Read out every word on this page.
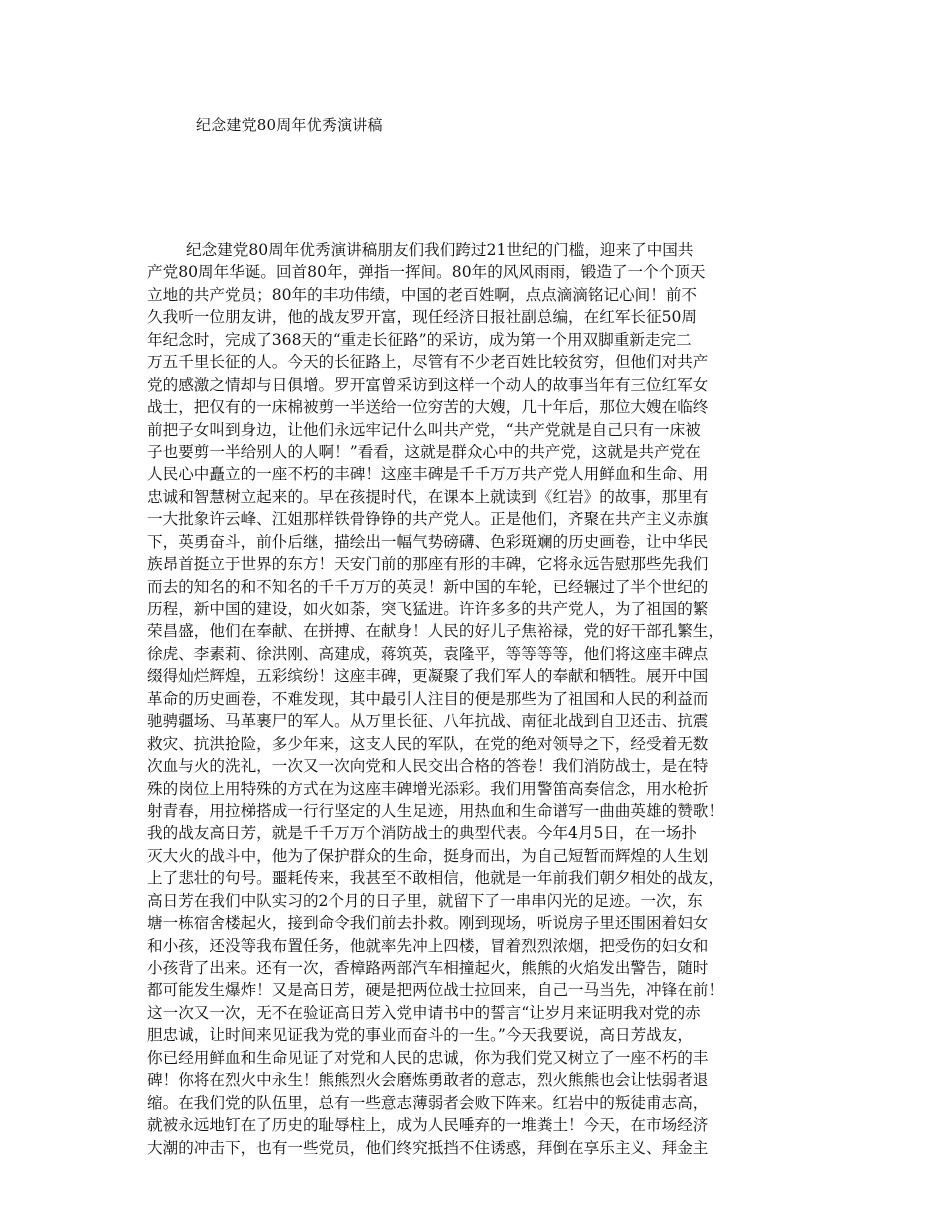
纪念建党80周年优秀演讲稿
纪念建党80周年优秀演讲稿朋友们我们跨过21世纪的门槛，迎来了中国共
产党80周年华诞。回首80年，弹指一挥间。80年的风风雨雨，锻造了一个个顶天
立地的共产党员；80年的丰功伟绩，中国的老百姓啊，点点滴滴铭记心间！前不
久我听一位朋友讲，他的战友罗开富，现任经济日报社副总编，在红军长征50周
年纪念时，完成了368天的“重走长征路”的采访，成为第一个用双脚重新走完二
万五千里长征的人。今天的长征路上，尽管有不少老百姓比较贫穷，但他们对共产
党的感激之情却与日俱增。罗开富曾采访到这样一个动人的故事当年有三位红军女
战士，把仅有的一床棉被剪一半送给一位穷苦的大嫂，几十年后，那位大嫂在临终
前把子女叫到身边，让他们永远牢记什么叫共产党，“共产党就是自己只有一床被
子也要剪一半给别人的人啊！”看看，这就是群众心中的共产党，这就是共产党在
人民心中矗立的一座不朽的丰碑！这座丰碑是千千万万共产党人用鲜血和生命、用
忠诚和智慧树立起来的。早在孩提时代，在课本上就读到《红岩》的故事，那里有
一大批象许云峰、江姐那样铁骨铮铮的共产党人。正是他们，齐聚在共产主义赤旗
下，英勇奋斗，前仆后继，描绘出一幅气势磅礴、色彩斑斓的历史画卷，让中华民
族昂首挺立于世界的东方！天安门前的那座有形的丰碑，它将永远告慰那些先我们
而去的知名的和不知名的千千万万的英灵！新中国的车轮，已经辗过了半个世纪的
历程，新中国的建设，如火如荼，突飞猛进。许许多多的共产党人，为了祖国的繁
荣昌盛，他们在奉献、在拼搏、在献身！人民的好儿子焦裕禄，党的好干部孔繁生，
徐虎、李素莉、徐洪刚、高建成，蒋筑英，袁隆平，等等等等，他们将这座丰碑点
缀得灿烂辉煌，五彩缤纷！这座丰碑，更凝聚了我们军人的奉献和牺牲。展开中国
革命的历史画卷，不难发现，其中最引人注目的便是那些为了祖国和人民的利益而
驰骋疆场、马革裹尸的军人。从万里长征、八年抗战、南征北战到自卫还击、抗震
救灾、抗洪抢险，多少年来，这支人民的军队，在党的绝对领导之下，经受着无数
次血与火的洗礼，一次又一次向党和人民交出合格的答卷！我们消防战士，是在特
殊的岗位上用特殊的方式在为这座丰碑增光添彩。我们用警笛高奏信念，用水枪折
射青春，用拉梯搭成一行行坚定的人生足迹，用热血和生命谱写一曲曲英雄的赞歌！
我的战友高日芳，就是千千万万个消防战士的典型代表。今年4月5日，在一场扑
灭大火的战斗中，他为了保护群众的生命，挺身而出，为自己短暂而辉煌的人生划
上了悲壮的句号。噩耗传来，我甚至不敢相信，他就是一年前我们朝夕相处的战友，
高日芳在我们中队实习的2个月的日子里，就留下了一串串闪光的足迹。一次，东
塘一栋宿舍楼起火，接到命令我们前去扑救。刚到现场，听说房子里还围困着妇女
和小孩，还没等我布置任务，他就率先冲上四楼，冒着烈烈浓烟，把受伤的妇女和
小孩背了出来。还有一次，香樟路两部汽车相撞起火，熊熊的火焰发出警告，随时
都可能发生爆炸！又是高日芳，硬是把两位战士拉回来，自己一马当先，冲锋在前！
这一次又一次，无不在验证高日芳入党申请书中的誓言“让岁月来证明我对党的赤
胆忠诚，让时间来见证我为党的事业而奋斗的一生。”今天我要说，高日芳战友，
你已经用鲜血和生命见证了对党和人民的忠诚，你为我们党又树立了一座不朽的丰
碑！你将在烈火中永生！熊熊烈火会磨炼勇敢者的意志，烈火熊熊也会让怯弱者退
缩。在我们党的队伍里，总有一些意志薄弱者会败下阵来。红岩中的叛徒甫志高，
就被永远地钉在了历史的耻辱柱上，成为人民唾弃的一堆粪土！今天，在市场经济
大潮的冲击下，也有一些党员，他们终究抵挡不住诱惑，拜倒在享乐主义、拜金主
